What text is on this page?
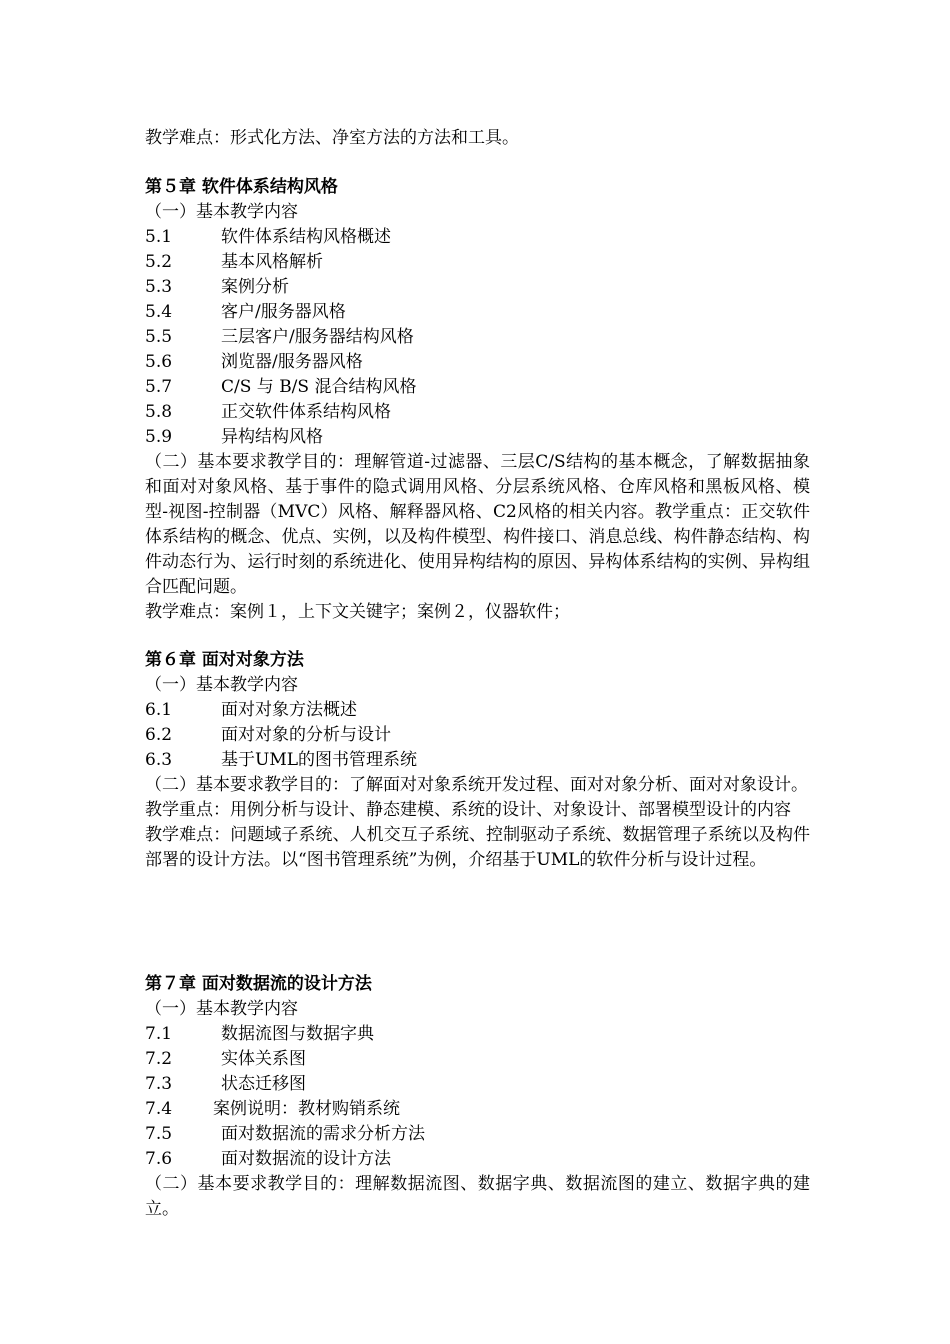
教学难点：形式化方法、净室方法的方法和工具。
第５章 软件体系结构风格
（一）基本教学内容
5.1	软件体系结构风格概述
5.2	基本风格解析
5.3	案例分析
5.4	客户/服务器风格
5.5	三层客户/服务器结构风格
5.6	浏览器/服务器风格
5.7	C/S 与 B/S 混合结构风格
5.8	正交软件体系结构风格
5.9	异构结构风格
（二）基本要求教学目的：理解管道-过滤器、三层C/S结构的基本概念，了解数据抽象和面对对象风格、基于事件的隐式调用风格、分层系统风格、仓库风格和黑板风格、模型-视图-控制器（MVC）风格、解释器风格、C2风格的相关内容。教学重点：正交软件体系结构的概念、优点、实例，以及构件模型、构件接口、消息总线、构件静态结构、构件动态行为、运行时刻的系统进化、使用异构结构的原因、异构体系结构的实例、异构组合匹配问题。
教学难点：案例１，上下文关键字；案例２，仪器软件；
第６章 面对对象方法
（一）基本教学内容
6.1	面对对象方法概述
6.2	面对对象的分析与设计
6.3	基于UML的图书管理系统
（二）基本要求教学目的：了解面对对象系统开发过程、面对对象分析、面对对象设计。
教学重点：用例分析与设计、静态建模、系统的设计、对象设计、部署模型设计的内容
教学难点：问题域子系统、人机交互子系统、控制驱动子系统、数据管理子系统以及构件部署的设计方法。以“图书管理系统”为例，介绍基于UML的软件分析与设计过程。
第７章 面对数据流的设计方法
（一）基本教学内容
7.1	数据流图与数据字典
7.2	实体关系图
7.3	状态迁移图
7.4	案例说明：教材购销系统
7.5	面对数据流的需求分析方法
7.6	面对数据流的设计方法
（二）基本要求教学目的：理解数据流图、数据字典、数据流图的建立、数据字典的建立。
